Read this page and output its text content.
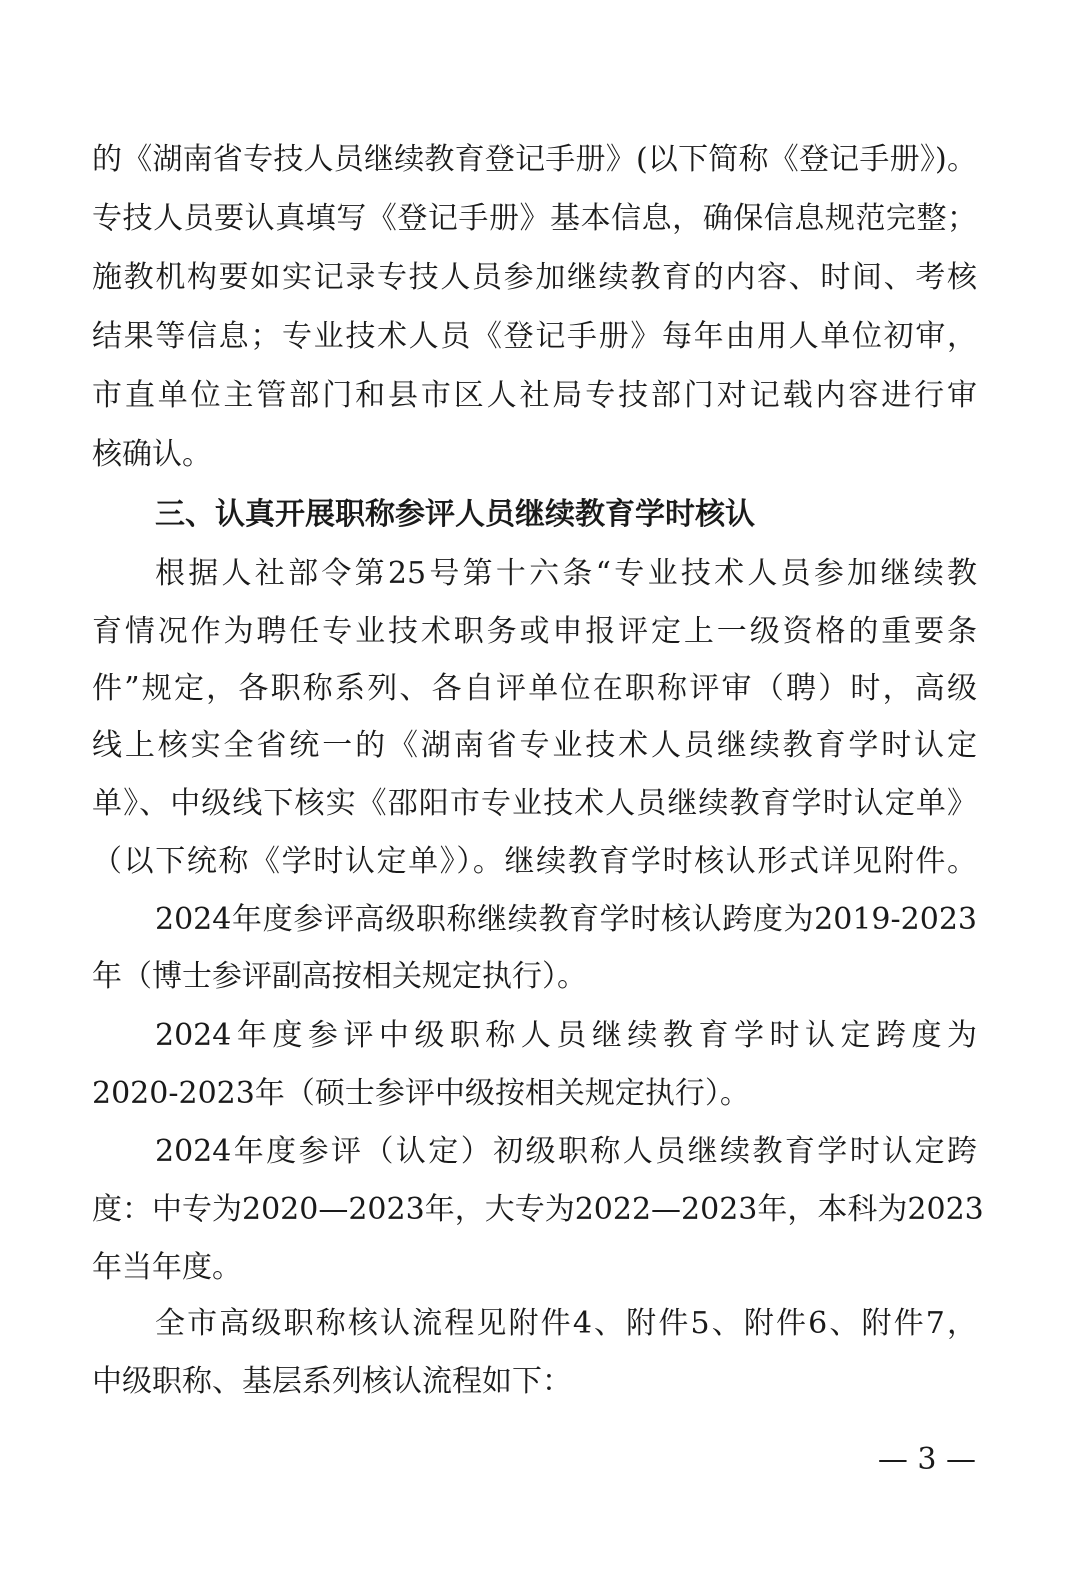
的《湖南省专技人员继续教育登记手册》(以下简称《登记手册》)。
专技人员要认真填写《登记手册》基本信息，确保信息规范完整；
施教机构要如实记录专技人员参加继续教育的内容、时间、考核
结果等信息；专业技术人员《登记手册》每年由用人单位初审，
市直单位主管部门和县市区人社局专技部门对记载内容进行审
核确认。
三、认真开展职称参评人员继续教育学时核认
根据人社部令第25号第十六条“专业技术人员参加继续教
育情况作为聘任专业技术职务或申报评定上一级资格的重要条
件”规定，各职称系列、各自评单位在职称评审（聘）时，高级
线上核实全省统一的《湖南省专业技术人员继续教育学时认定
单》、中级线下核实《邵阳市专业技术人员继续教育学时认定单》
（以下统称《学时认定单》）。继续教育学时核认形式详见附件。
2024年度参评高级职称继续教育学时核认跨度为2019-2023
年（博士参评副高按相关规定执行）。
2024年度参评中级职称人员继续教育学时认定跨度为
2020-2023年（硕士参评中级按相关规定执行）。
2024年度参评（认定）初级职称人员继续教育学时认定跨
度：中专为2020—2023年，大专为2022—2023年，本科为2023
年当年度。
全市高级职称核认流程见附件4、附件5、附件6、附件7，
中级职称、基层系列核认流程如下：
— 3 —
